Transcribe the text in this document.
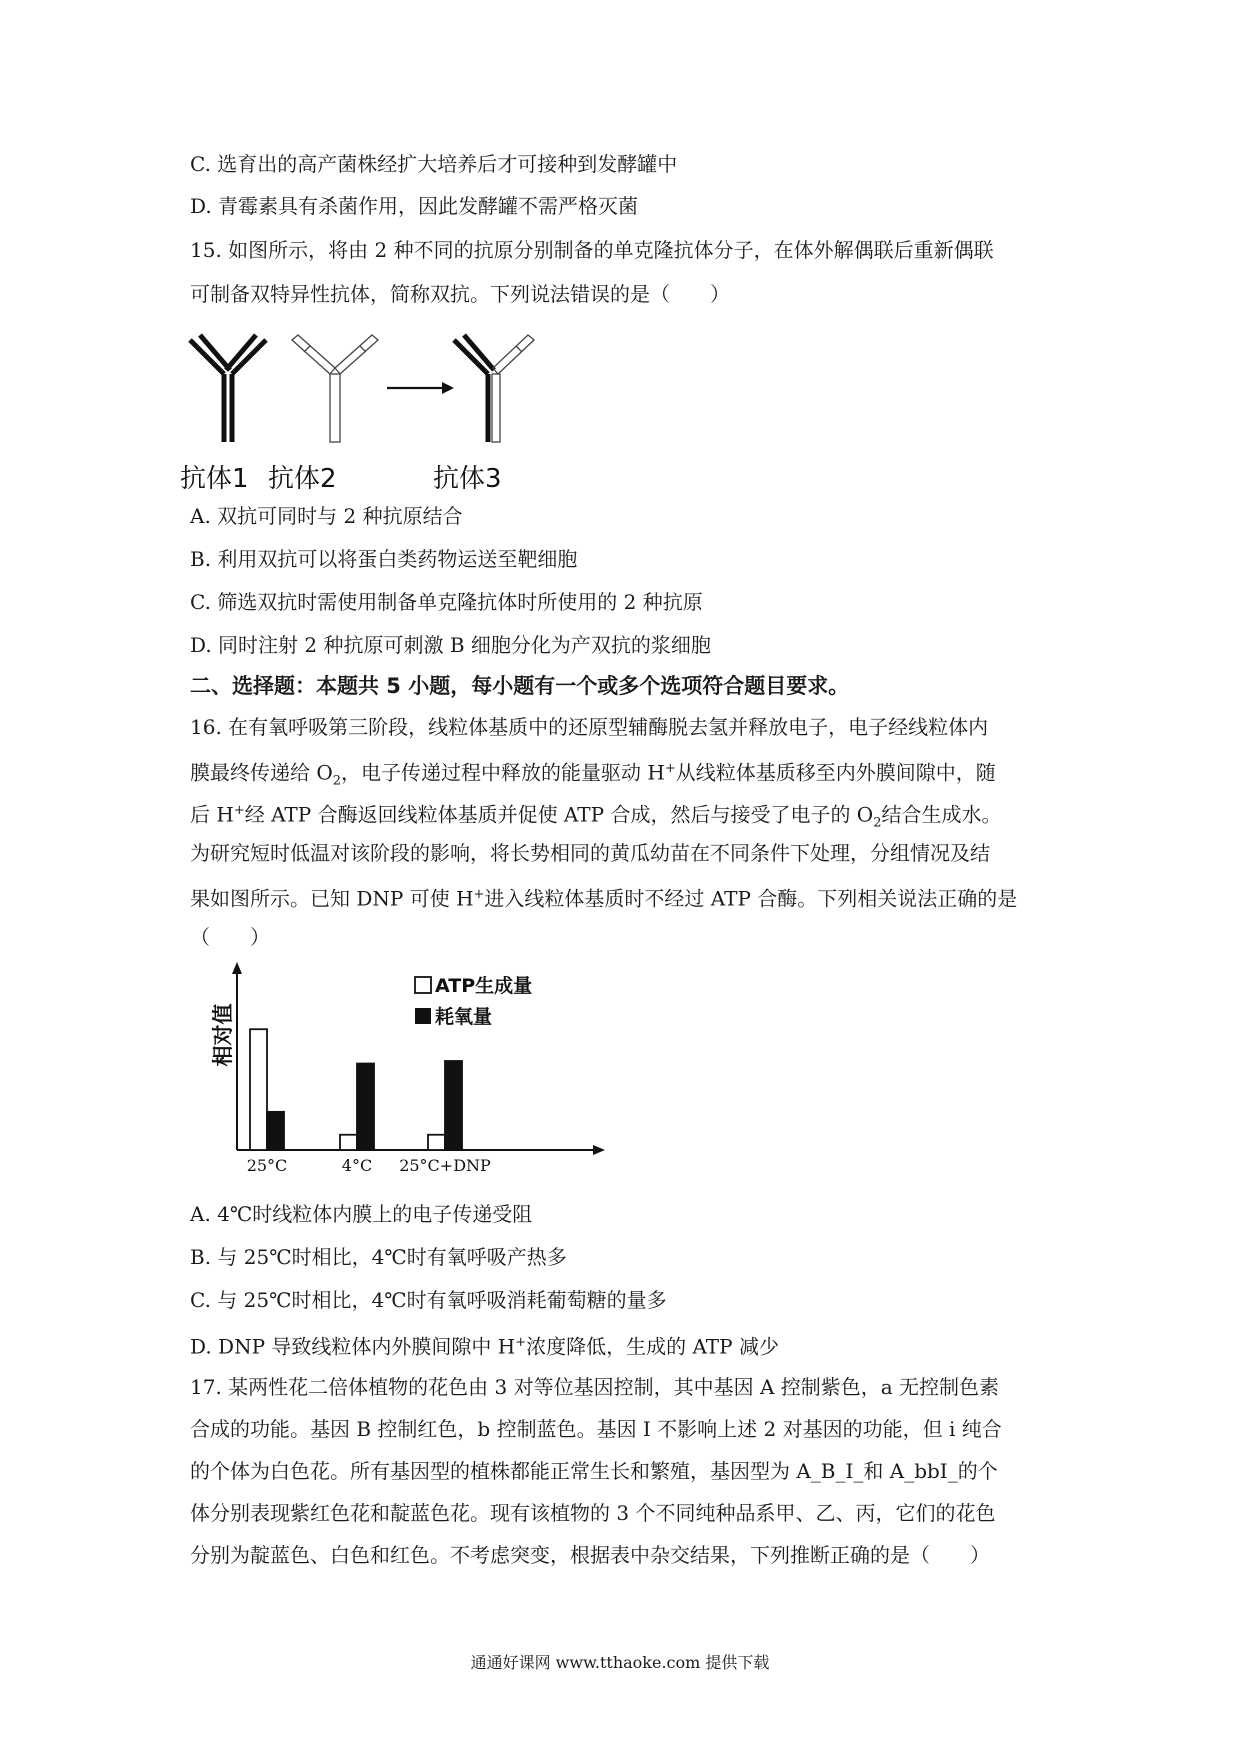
C. 选育出的高产菌株经扩大培养后才可接种到发酵罐中
D. 青霉素具有杀菌作用，因此发酵罐不需严格灭菌
15. 如图所示，将由 2 种不同的抗原分别制备的单克隆抗体分子，在体外解偶联后重新偶联
可制备双特异性抗体，简称双抗。下列说法错误的是（　　）
抗体1 抗体2	抗体3
A. 双抗可同时与 2 种抗原结合
B. 利用双抗可以将蛋白类药物运送至靶细胞
C. 筛选双抗时需使用制备单克隆抗体时所使用的 2 种抗原
D. 同时注射 2 种抗原可刺激 B 细胞分化为产双抗的浆细胞
二、选择题：本题共 5 小题，每小题有一个或多个选项符合题目要求。
16. 在有氧呼吸第三阶段，线粒体基质中的还原型辅酶脱去氢并释放电子，电子经线粒体内
膜最终传递给 $O_2$，电子传递过程中释放的能量驱动 H+从线粒体基质移至内外膜间隙中，随
后 H+经 ATP 合酶返回线粒体基质并促使 ATP 合成，然后与接受了电子的 $O_2$结合生成水。
为研究短时低温对该阶段的影响，将长势相同的黄瓜幼苗在不同条件下处理，分组情况及结
果如图所示。已知 DNP 可使 H+进入线粒体基质时不经过 ATP 合酶。下列相关说法正确的是
（　　）
相对值
25°C	4°C 25°C+DNP
ATP生成量
耗氧量
A. 4℃时线粒体内膜上的电子传递受阻
B. 与 25℃时相比，4℃时有氧呼吸产热多
C. 与 25℃时相比，4℃时有氧呼吸消耗葡萄糖的量多
D. DNP 导致线粒体内外膜间隙中 H+浓度降低，生成的 ATP 减少
17. 某两性花二倍体植物的花色由 3 对等位基因控制，其中基因 A 控制紫色，a 无控制色素
合成的功能。基因 B 控制红色，b 控制蓝色。基因 I 不影响上述 2 对基因的功能，但 i 纯合
的个体为白色花。所有基因型的植株都能正常生长和繁殖，基因型为 A_B_I_和 A_bbI_的个
体分别表现紫红色花和靛蓝色花。现有该植物的 3 个不同纯种品系甲、乙、丙，它们的花色
分别为靛蓝色、白色和红色。不考虑突变，根据表中杂交结果，下列推断正确的是（　　）
通通好课网 www.tthaoke.com 提供下载
